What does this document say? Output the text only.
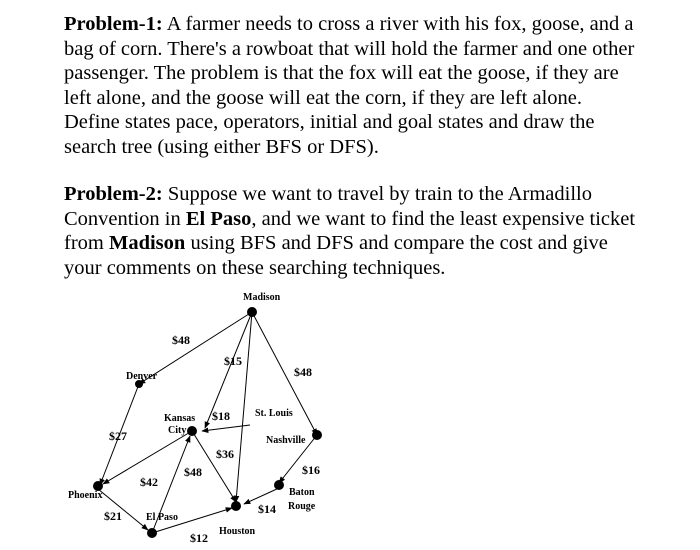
Problem-1: A farmer needs to cross a river with his fox, goose, and a bag of corn. There's a rowboat that will hold the farmer and one other passenger. The problem is that the fox will eat the goose, if they are left alone, and the goose will eat the corn, if they are left alone. Define states pace, operators, initial and goal states and draw the search tree (using either BFS or DFS).

Problem-2: Suppose we want to travel by train to the Armadillo Convention in El Paso, and we want to find the least expensive ticket from Madison using BFS and DFS and compare the cost and give your comments on these searching techniques.

Madison
Denver
Kansas
City
St. Louis
Nashville
Phoenix
El Paso
Houston
Baton
Rouge
$48
$15
$48
$18
$27
$36
$42
$48	$16
$21	$14
$12
